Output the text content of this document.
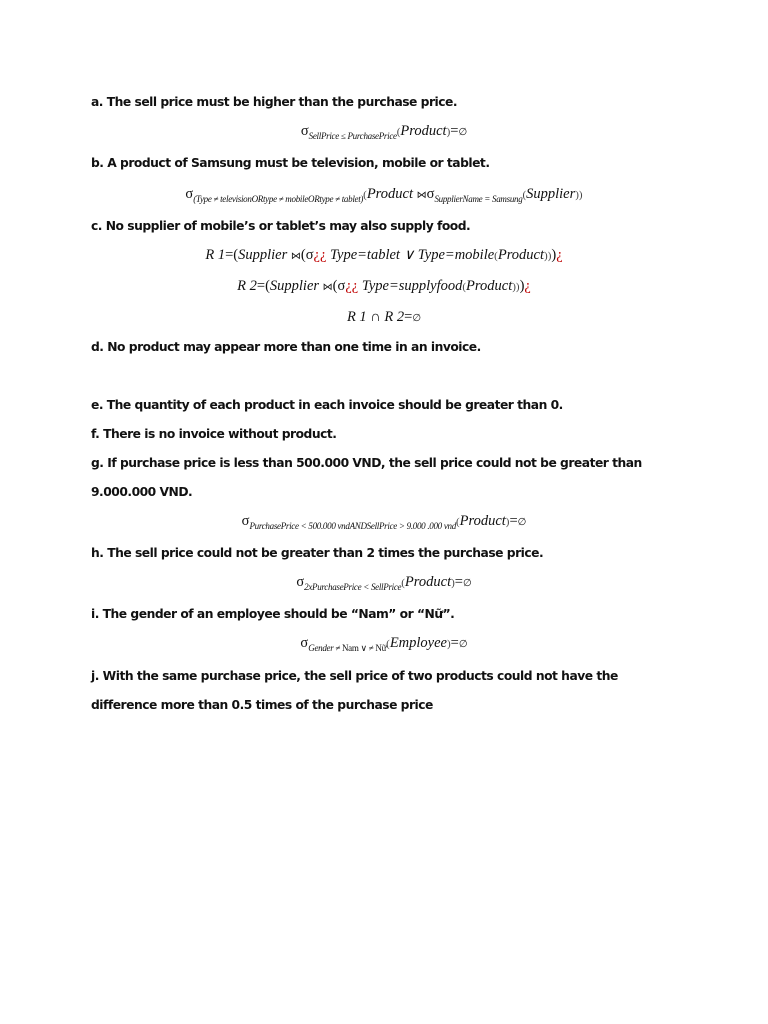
a. The sell price must be higher than the purchase price.
$\sigma_{SellPrice \le PurchasePrice}(Product)=\emptyset$
b. A product of Samsung must be television, mobile or tablet.
$\sigma_{(Type \ne televisionORtype \ne mobileORtype \ne tablet)}(Product$ $⋈\sigma_{SupplierName = Samsung}(Supplier)$)
c. No supplier of mobile’s or tablet’s may also supply food.
R 1=(Supplier ⋈(σ¿¿ Type=tablet ∨ Type=mobile(Product)))¿
R 2=(Supplier ⋈(σ¿¿ Type=supplyfood(Product)))¿
R 1 ∩ R 2=∅
d. No product may appear more than one time in an invoice.
e. The quantity of each product in each invoice should be greater than 0.
f. There is no invoice without product.
g. If purchase price is less than 500.000 VND, the sell price could not be greater than
9.000.000 VND.
$\sigma_{PurchasePrice < 500.000 vndANDSellPrice > 9.000 .000 vnd}(Product)=\emptyset$
h. The sell price could not be greater than 2 times the purchase price.
$\sigma_{2xPurchasePrice < SellPrice}(Product)=\emptyset$
i. The gender of an employee should be “Nam” or “Nữ”.
$\sigma_{Gender \ne Nam \vee \ne Nữ}(Employee)=\emptyset$
j. With the same purchase price, the sell price of two products could not have the
difference more than 0.5 times of the purchase price
